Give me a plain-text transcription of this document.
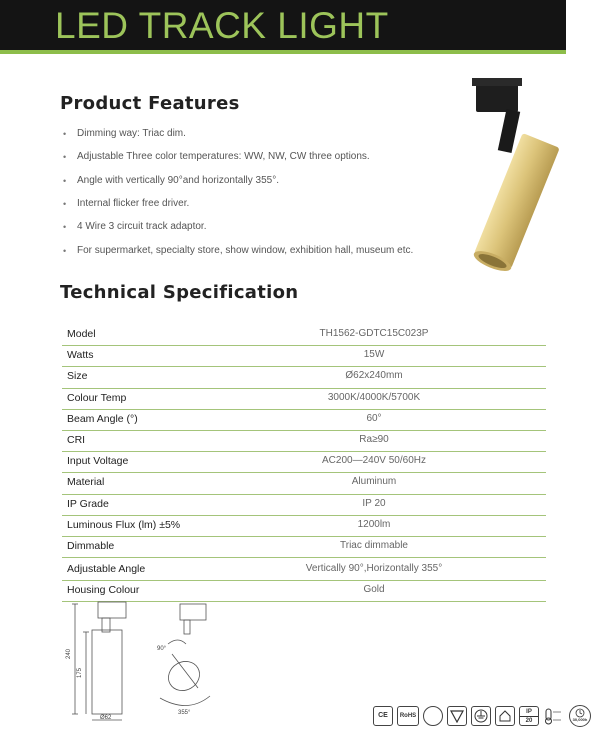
LED TRACK LIGHT
Product Features
• Dimming way: Triac dim.
• Adjustable Three color temperatures: WW, NW, CW three options.
• Angle with vertically 90°and horizontally 355°.
• Internal flicker free driver.
• 4 Wire 3 circuit track adaptor.
• For supermarket, specialty store, show window, exhibition hall, museum etc.
Technical Specification
Model	TH1562-GDTC15C023P
Watts	15W
Size	Ø62x240mm
Colour Temp	3000K/4000K/5700K
Beam Angle (°)	60°
CRI	Ra≥90
Input Voltage	AC200—240V 50/60Hz
Material	Aluminum
IP Grade	IP 20
Luminous Flux (lm) ±5%	1200lm
Dimmable	Triac dimmable
Adjustable Angle	Vertically 90°,Horizontally 355°
Housing Colour	Gold
240
175
Ø62
90°
355°	CE	RoHS
IP
20	30,000h
